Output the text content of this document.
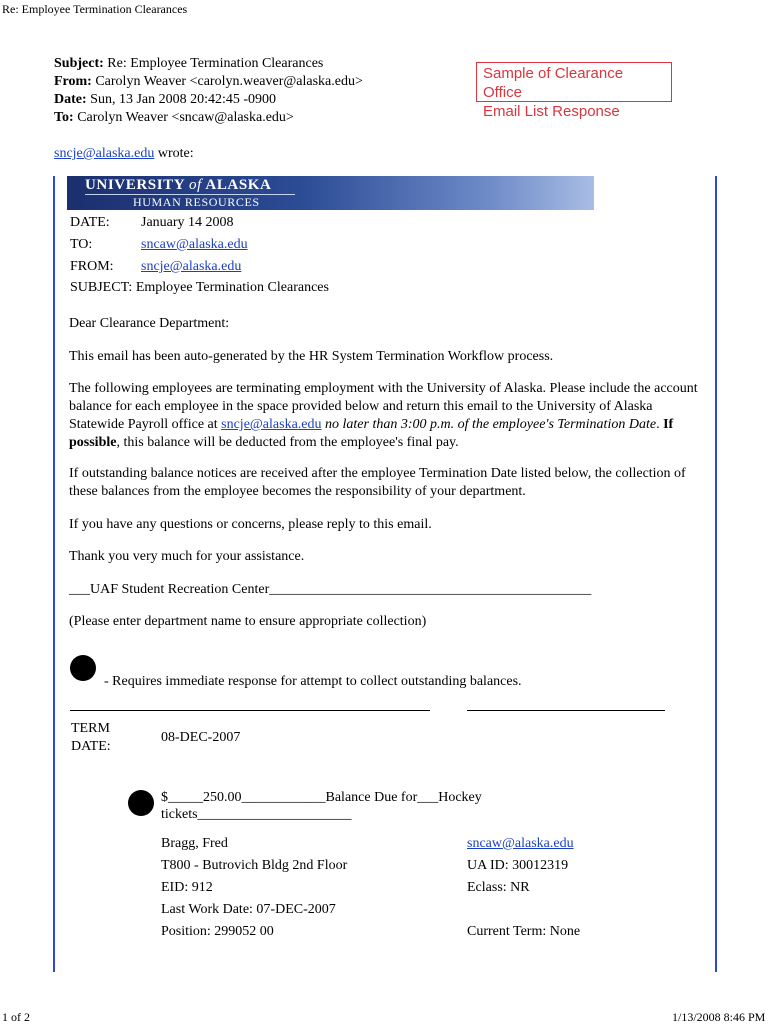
Re: Employee Termination Clearances
Subject: Re: Employee Termination Clearances
From: Carolyn Weaver <carolyn.weaver@alaska.edu>
Date: Sun, 13 Jan 2008 20:42:45 -0900
To: Carolyn Weaver <sncaw@alaska.edu>
Sample of Clearance Office
Email List Response
sncje@alaska.edu wrote:
UNIVERSITY of ALASKA
HUMAN RESOURCES
DATE: January 14 2008
TO:	sncaw@alaska.edu
FROM: sncje@alaska.edu
SUBJECT: Employee Termination Clearances
Dear Clearance Department:
This email has been auto-generated by the HR System Termination Workflow process.
The following employees are terminating employment with the University of Alaska. Please include the account balance for each employee in the space provided below and return this email to the University of Alaska Statewide Payroll office at sncje@alaska.edu no later than 3:00 p.m. of the employee's Termination Date. If possible, this balance will be deducted from the employee's final pay.
If outstanding balance notices are received after the employee Termination Date listed below, the collection of these balances from the employee becomes the responsibility of your department.
If you have any questions or concerns, please reply to this email.
Thank you very much for your assistance.
___UAF Student Recreation Center______________________________________________
(Please enter department name to ensure appropriate collection)
- Requires immediate response for attempt to collect outstanding balances.
TERM
DATE:
08-DEC-2007
$_____250.00____________Balance Due for___Hockey
tickets______________________
Bragg, Fred	sncaw@alaska.edu
T800 - Butrovich Bldg 2nd Floor	UA ID: 30012319
EID: 912	Eclass: NR
Last Work Date: 07-DEC-2007
Position: 299052 00	Current Term: None
1 of 2	1/13/2008 8:46 PM
